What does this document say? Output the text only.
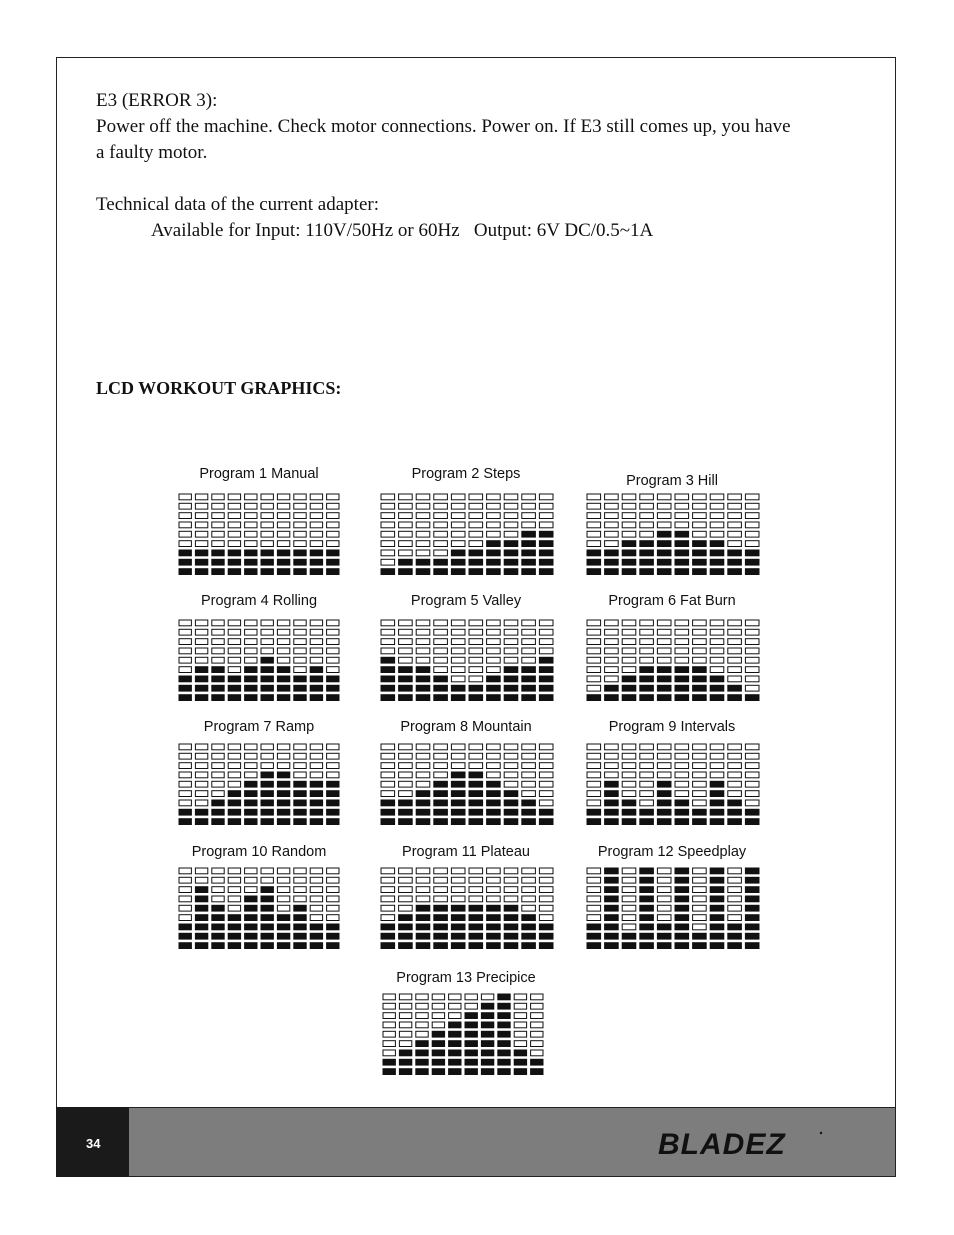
E3 (ERROR 3):
Power off the machine. Check motor connections. Power on. If E3 still comes up, you have
a faulty motor.
Technical data of the current adapter:
Available for Input: 110V/50Hz or 60Hz   Output: 6V DC/0.5~1A
LCD WORKOUT GRAPHICS:
Program 1 Manual	Program 2 Steps	Program 3 Hill
Program 4 Rolling	Program 5 Valley	Program 6 Fat Burn
Program 7 Ramp	Program 8 Mountain	Program 9 Intervals
Program 10 Random	Program 11 Plateau	Program 12 Speedplay
Program 13 Precipice
34	BLADEZ
